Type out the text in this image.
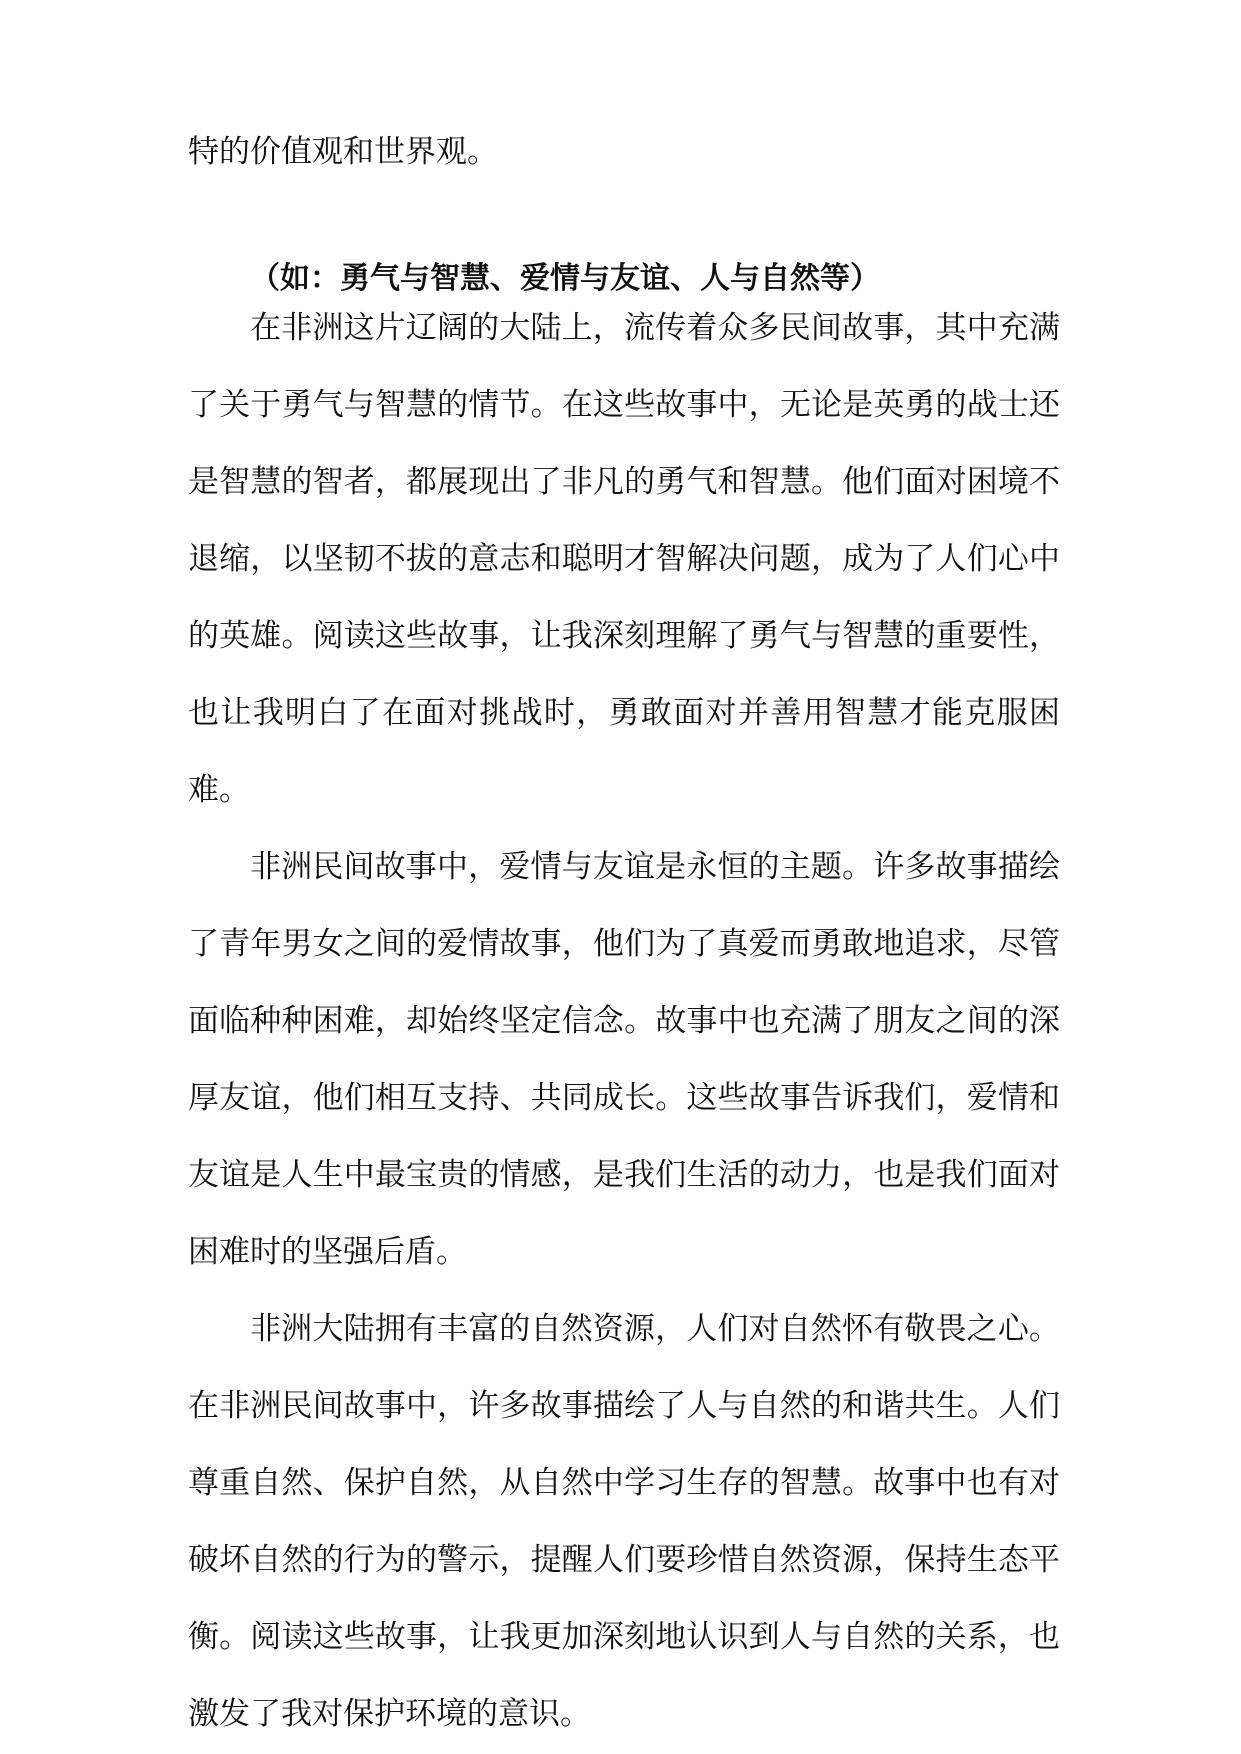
特的价值观和世界观。

（如：勇气与智慧、爱情与友谊、人与自然等）

在非洲这片辽阔的大陆上，流传着众多民间故事，其中充满了关于勇气与智慧的情节。在这些故事中，无论是英勇的战士还是智慧的智者，都展现出了非凡的勇气和智慧。他们面对困境不退缩，以坚韧不拔的意志和聪明才智解决问题，成为了人们心中的英雄。阅读这些故事，让我深刻理解了勇气与智慧的重要性，也让我明白了在面对挑战时，勇敢面对并善用智慧才能克服困难。

非洲民间故事中，爱情与友谊是永恒的主题。许多故事描绘了青年男女之间的爱情故事，他们为了真爱而勇敢地追求，尽管面临种种困难，却始终坚定信念。故事中也充满了朋友之间的深厚友谊，他们相互支持、共同成长。这些故事告诉我们，爱情和友谊是人生中最宝贵的情感，是我们生活的动力，也是我们面对困难时的坚强后盾。

非洲大陆拥有丰富的自然资源，人们对自然怀有敬畏之心。在非洲民间故事中，许多故事描绘了人与自然的和谐共生。人们尊重自然、保护自然，从自然中学习生存的智慧。故事中也有对破坏自然的行为的警示，提醒人们要珍惜自然资源，保持生态平衡。阅读这些故事，让我更加深刻地认识到人与自然的关系，也激发了我对保护环境的意识。
